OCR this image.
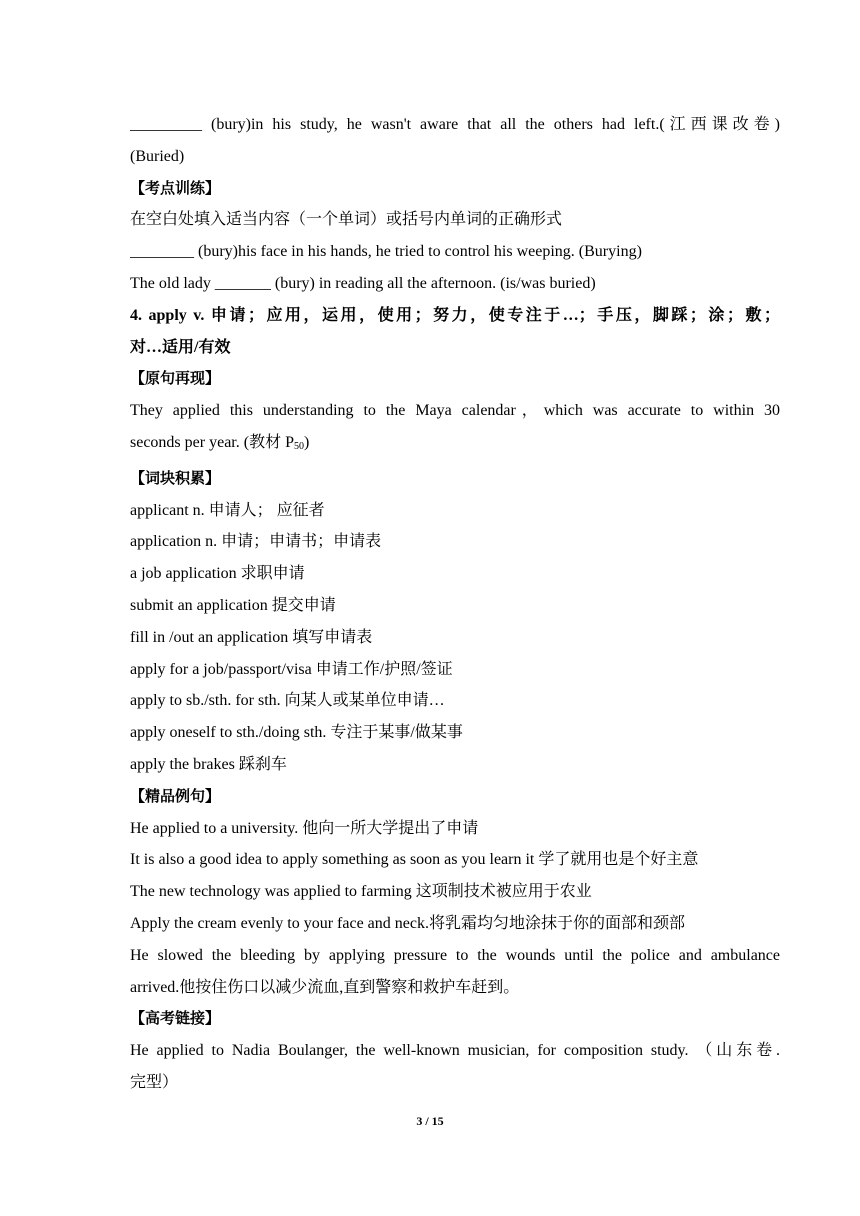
_________ (bury)in his study, he wasn't aware that all the others had left.(江西课改卷)
(Buried)
【考点训练】
在空白处填入适当内容（一个单词）或括号内单词的正确形式
________ (bury)his face in his hands, he tried to control his weeping. (Burying)
The old lady _______ (bury) in reading all the afternoon. (is/was buried)
4. apply v. 申请；应用，运用，使用；努力，使专注于…；手压，脚踩；涂；敷；
对…适用/有效
【原句再现】
They applied this understanding to the Maya calendar，which was accurate to within 30
seconds per year. (教材 $P_{50}$)
【词块积累】
applicant n. 申请人； 应征者
application n. 申请；申请书；申请表
a job application 求职申请
submit an application 提交申请
fill in /out an application 填写申请表
apply for a job/passport/visa 申请工作/护照/签证
apply to sb./sth. for sth. 向某人或某单位申请…
apply oneself to sth./doing sth. 专注于某事/做某事
apply the brakes 踩刹车
【精品例句】
He applied to a university. 他向一所大学提出了申请
It is also a good idea to apply something as soon as you learn it 学了就用也是个好主意
The new technology was applied to farming 这项制技术被应用于农业
Apply the cream evenly to your face and neck.将乳霜均匀地涂抹于你的面部和颈部
He slowed the bleeding by applying pressure to the wounds until the police and ambulance
arrived.他按住伤口以减少流血,直到警察和救护车赶到。
【高考链接】
He applied to Nadia Boulanger, the well-known musician, for composition study. （山东卷.
完型）
3 / 15
